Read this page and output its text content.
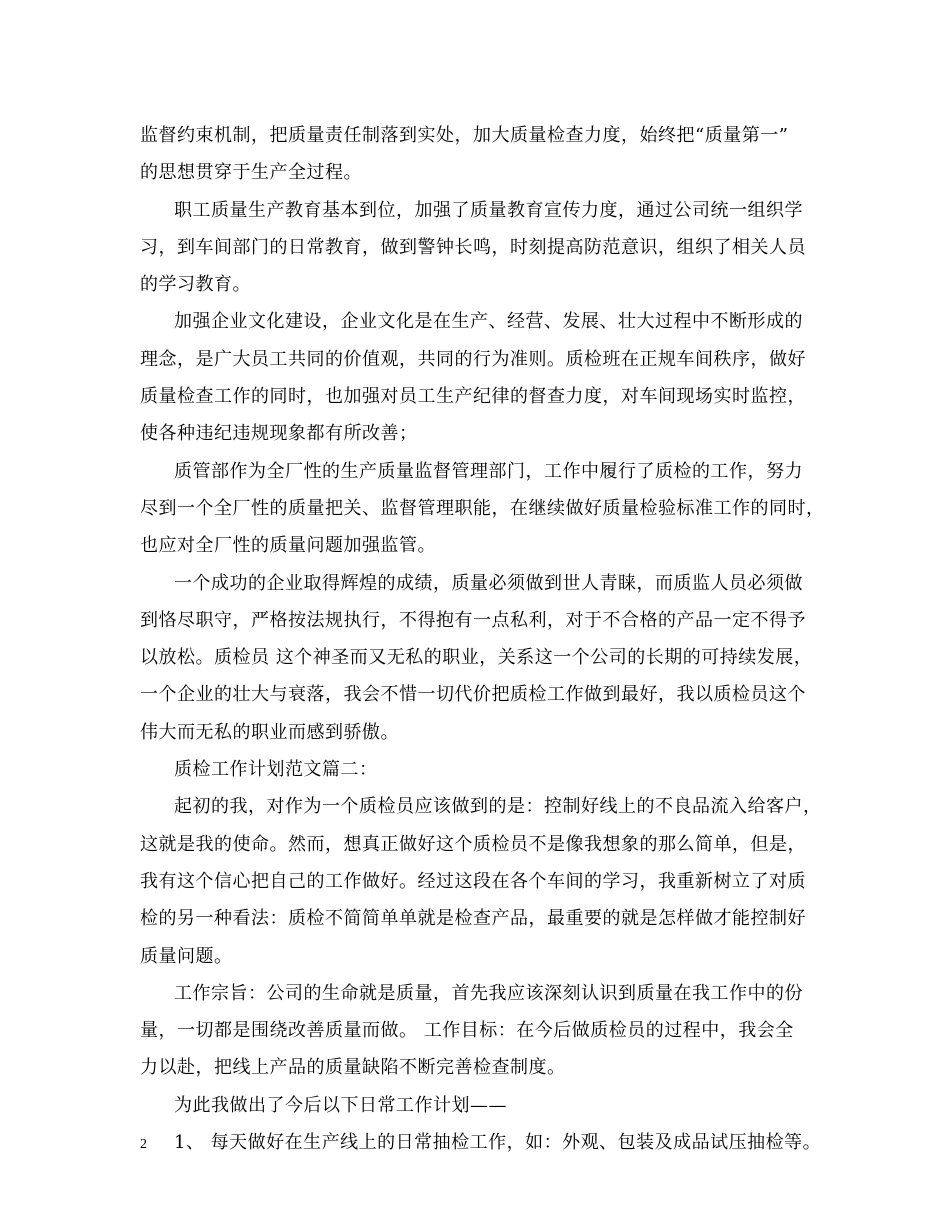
监督约束机制，把质量责任制落到实处，加大质量检查力度，始终把“质量第一”
的思想贯穿于生产全过程。
职工质量生产教育基本到位，加强了质量教育宣传力度，通过公司统一组织学
习，到车间部门的日常教育，做到警钟长鸣，时刻提高防范意识，组织了相关人员
的学习教育。
加强企业文化建设，企业文化是在生产、经营、发展、壮大过程中不断形成的
理念，是广大员工共同的价值观，共同的行为准则。质检班在正规车间秩序，做好
质量检查工作的同时，也加强对员工生产纪律的督查力度，对车间现场实时监控，
使各种违纪违规现象都有所改善；
质管部作为全厂性的生产质量监督管理部门，工作中履行了质检的工作，努力
尽到一个全厂性的质量把关、监督管理职能，在继续做好质量检验标准工作的同时，
也应对全厂性的质量问题加强监管。
一个成功的企业取得辉煌的成绩，质量必须做到世人青睐，而质监人员必须做
到恪尽职守，严格按法规执行，不得抱有一点私利，对于不合格的产品一定不得予
以放松。质检员 这个神圣而又无私的职业，关系这一个公司的长期的可持续发展，
一个企业的壮大与衰落，我会不惜一切代价把质检工作做到最好，我以质检员这个
伟大而无私的职业而感到骄傲。
质检工作计划范文篇二：
起初的我，对作为一个质检员应该做到的是：控制好线上的不良品流入给客户，
这就是我的使命。然而，想真正做好这个质检员不是像我想象的那么简单，但是，
我有这个信心把自己的工作做好。经过这段在各个车间的学习，我重新树立了对质
检的另一种看法：质检不简简单单就是检查产品，最重要的就是怎样做才能控制好
质量问题。
工作宗旨：公司的生命就是质量，首先我应该深刻认识到质量在我工作中的份
量，一切都是围绕改善质量而做。 工作目标：在今后做质检员的过程中，我会全
力以赴，把线上产品的质量缺陷不断完善检查制度。
为此我做出了今后以下日常工作计划——
1、 每天做好在生产线上的日常抽检工作，如：外观、包装及成品试压抽检等。
2
